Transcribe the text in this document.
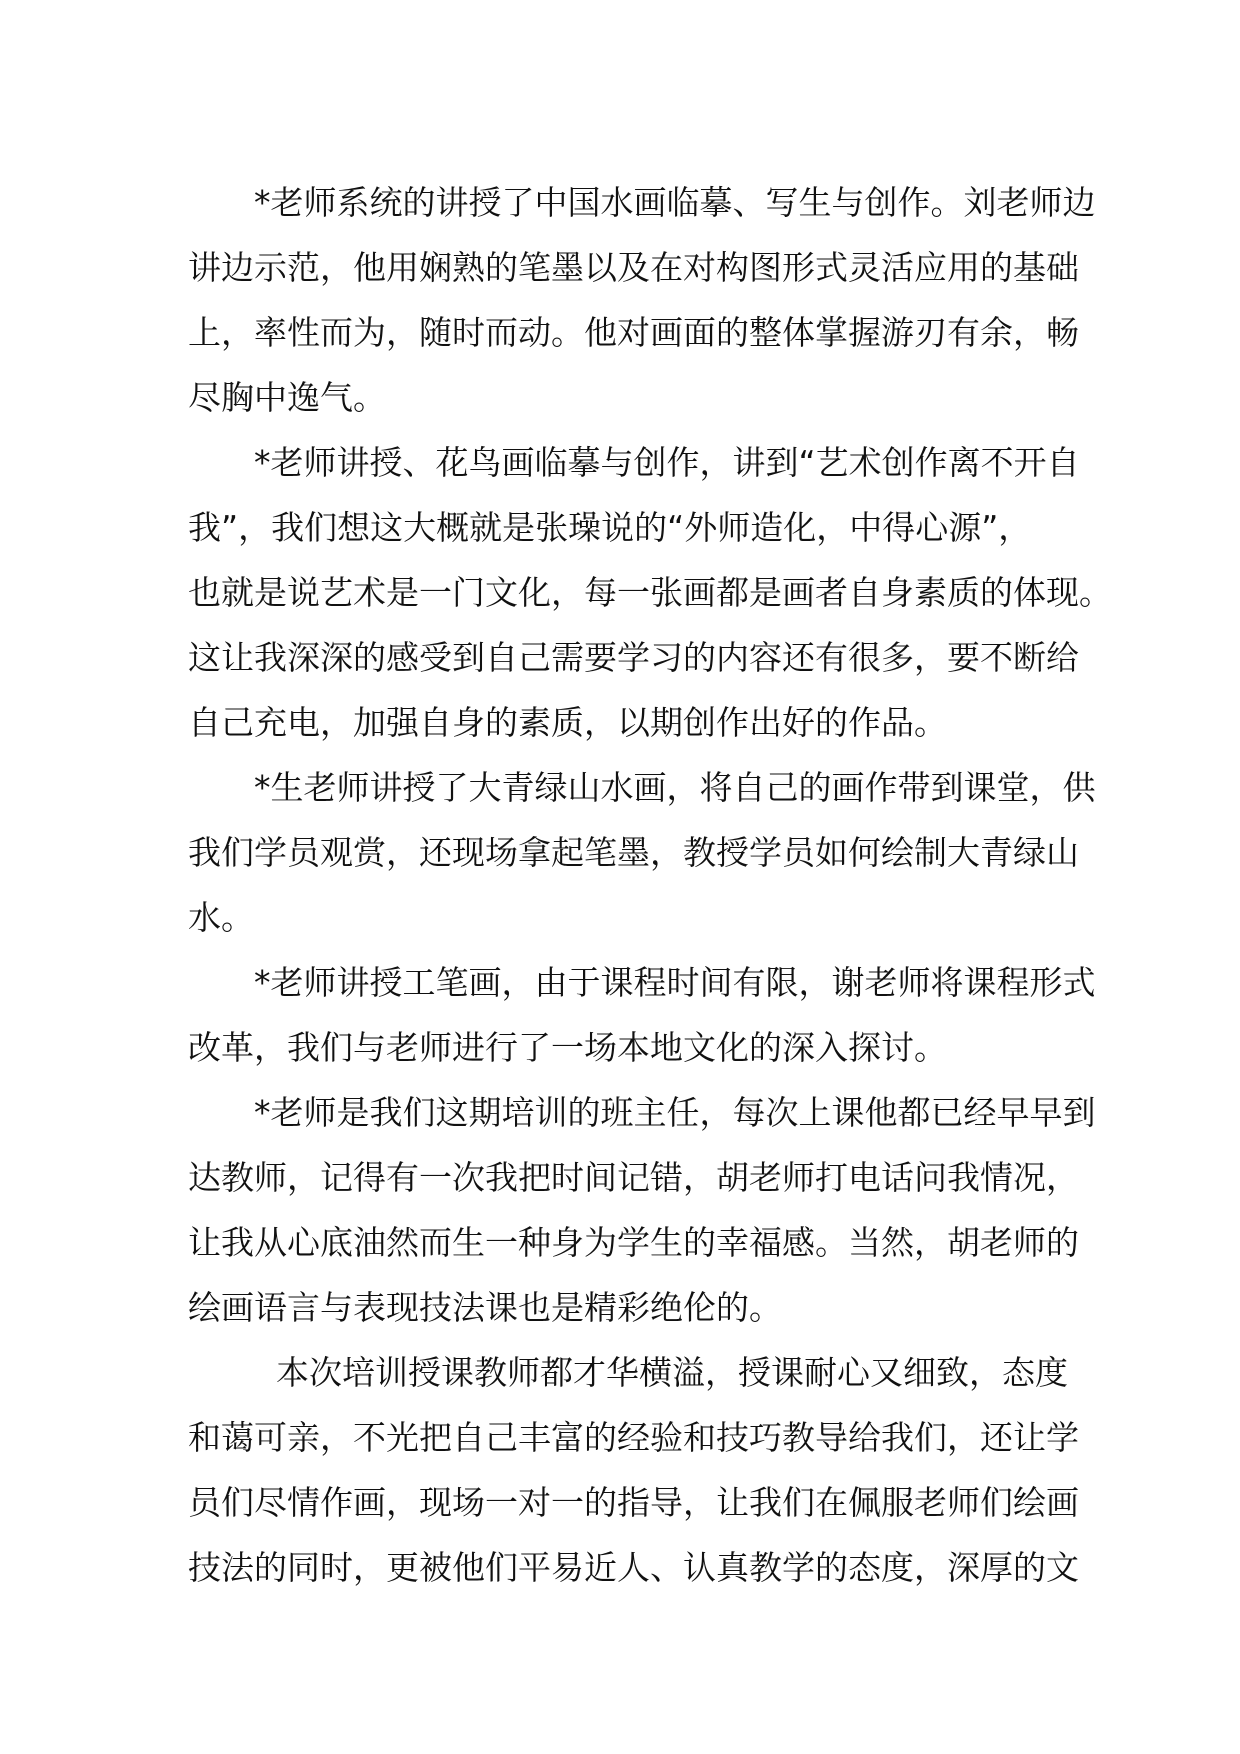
*老师系统的讲授了中国水画临摹、写生与创作。刘老师边
讲边示范，他用娴熟的笔墨以及在对构图形式灵活应用的基础
上，率性而为，随时而动。他对画面的整体掌握游刃有余，畅
尽胸中逸气。

*老师讲授、花鸟画临摹与创作，讲到“艺术创作离不开自
我”，我们想这大概就是张璪说的“外师造化，中得心源”，
也就是说艺术是一门文化，每一张画都是画者自身素质的体现。
这让我深深的感受到自己需要学习的内容还有很多，要不断给
自己充电，加强自身的素质，以期创作出好的作品。

*生老师讲授了大青绿山水画，将自己的画作带到课堂，供
我们学员观赏，还现场拿起笔墨，教授学员如何绘制大青绿山
水。

*老师讲授工笔画，由于课程时间有限，谢老师将课程形式
改革，我们与老师进行了一场本地文化的深入探讨。

*老师是我们这期培训的班主任，每次上课他都已经早早到
达教师，记得有一次我把时间记错，胡老师打电话问我情况，
让我从心底油然而生一种身为学生的幸福感。当然，胡老师的
绘画语言与表现技法课也是精彩绝伦的。

本次培训授课教师都才华横溢，授课耐心又细致，态度
和蔼可亲，不光把自己丰富的经验和技巧教导给我们，还让学
员们尽情作画，现场一对一的指导，让我们在佩服老师们绘画
技法的同时，更被他们平易近人、认真教学的态度，深厚的文
